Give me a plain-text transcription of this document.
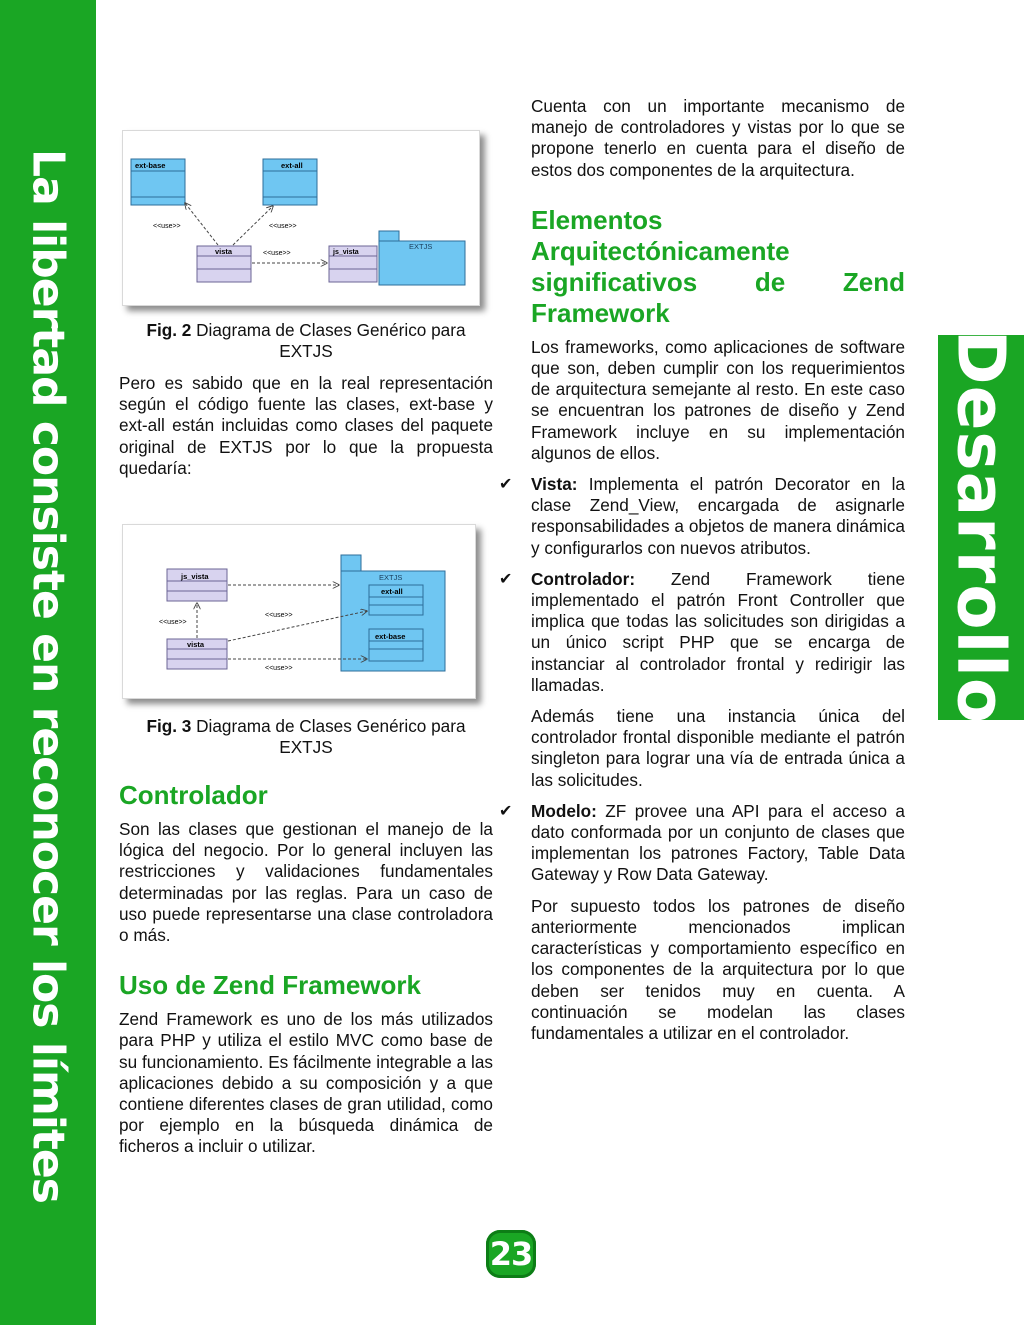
La libertad consiste en reconocer los límites	Desarrollo
ext-base	ext-all
vista	js_vista
EXTJS
<<use>>	<<use>>
<<use>>
Fig. 2 Diagrama de Clases Genérico para EXTJS

Pero es sabido que en la real representación según el código fuente las clases, ext-base y ext-all están incluidas como clases del paquete original de EXTJS por lo que la propuesta quedaría:

js_vista
vista
EXTJS
ext-all
ext-base
<<use>>
<<use>>
<<use>>
Fig. 3 Diagrama de Clases Genérico para EXTJS
Controlador

Son las clases que gestionan el manejo de la lógica del negocio. Por lo general incluyen las restricciones y validaciones fundamentales determinadas por las reglas. Para un caso de uso puede representarse una clase controladora o más.

Uso de Zend Framework

Zend Framework es uno de los más utilizados para PHP y utiliza el estilo MVC como base de su funcionamiento. Es fácilmente integrable a las aplicaciones debido a su composición y a que contiene diferentes clases de gran utilidad, como por ejemplo en la búsqueda dinámica de ficheros a incluir o utilizar.

Cuenta con un importante mecanismo de manejo de controladores y vistas por lo que se propone tenerlo en cuenta para el diseño de estos dos componentes de la arquitectura.

Elementos Arquitectónicamente significativos de Zend Framework

Los frameworks, como aplicaciones de software que son, deben cumplir con los requerimientos de arquitectura semejante al resto. En este caso se encuentran los patrones de diseño y Zend Framework incluye en su implementación algunos de ellos.

✔ Vista: Implementa el patrón Decorator en la clase Zend_View, encargada de asignarle responsabilidades a objetos de manera dinámica y configurarlos con nuevos atributos.
✔ Controlador: Zend Framework tiene implementado el patrón Front Controller que implica que todas las solicitudes son dirigidas a un único script PHP que se encarga de instanciar al controlador frontal y redirigir las llamadas.
Además tiene una instancia única del controlador frontal disponible mediante el patrón singleton para lograr una vía de entrada única a las solicitudes.
✔ Modelo: ZF provee una API para el acceso a dato conformada por un conjunto de clases que implementan los patrones Factory, Table Data Gateway y Row Data Gateway.

Por supuesto todos los patrones de diseño anteriormente mencionados implican características y comportamiento específico en los componentes de la arquitectura por lo que deben ser tenidos muy en cuenta. A continuación se modelan las clases fundamentales a utilizar en el controlador.

23
